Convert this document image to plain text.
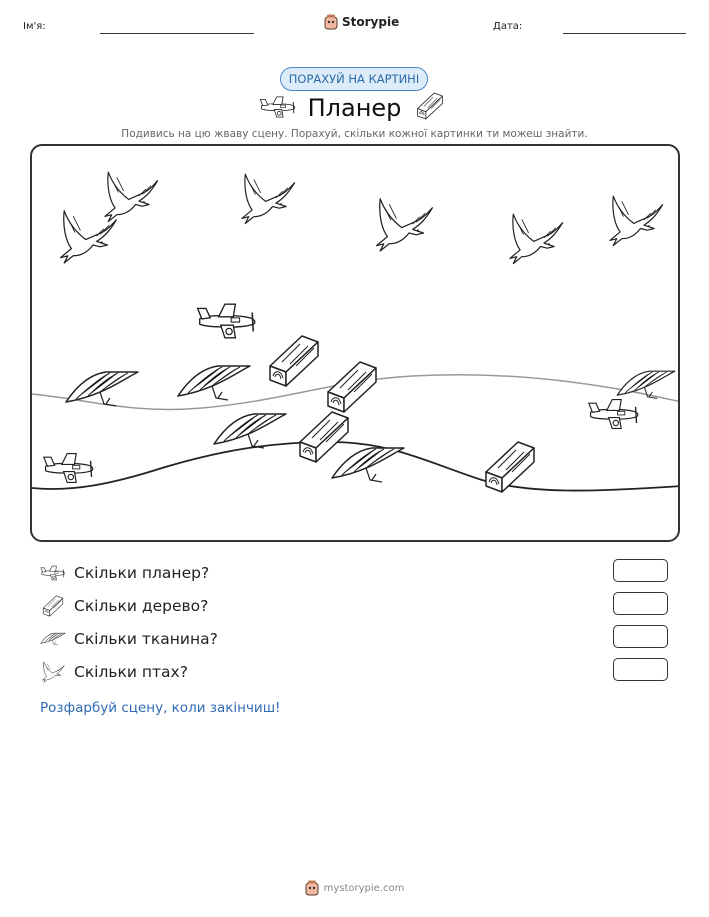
Ім'я:	Storypie	Дата:
ПОРАХУЙ НА КАРТИНІ
Планер
Подивись на цю жваву сцену. Порахуй, скільки кожної картинки ти можеш знайти.
Скільки планер?
Скільки дерево?
Скільки тканина?
Скільки птах?
Розфарбуй сцену, коли закінчиш!
mystorypie.com
